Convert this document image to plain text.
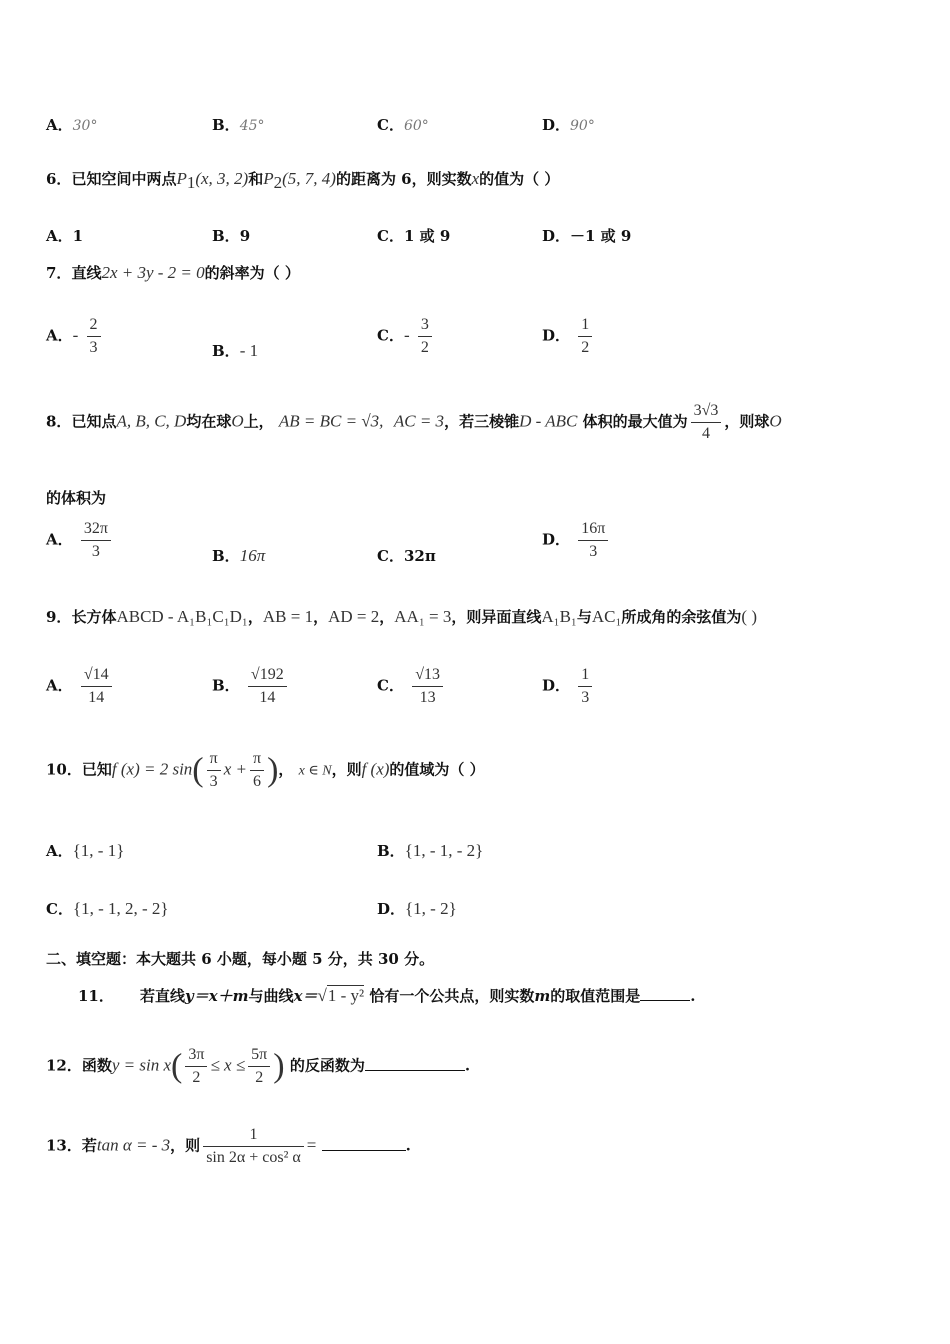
A．30°	B．45°	C．60°	D．90°
6．已知空间中两点$P_1(x$, 3, 2)和$P_2(5$, 7, 4)的距离为 6，则实数x的值为（ ）
A．1	B．9	C．1 或 9	D．－1 或 9
7．直线2x + 3y - 2 = 0的斜率为（ ）
A．- $\frac{2}{3}$	B．- 1
C．- $\frac{3}{2}$	D． $\frac{1}{2}$
8．已知点A, B, C, D均在球O上， AB = BC = √3, AC = 3，若三棱锥D - ABC 体积的最大值为 $\frac{3√3}{4}$ ，则球O
的体积为
A． $\frac{32\pi}{3}$	B．16π	C．32π
D． $\frac{16\pi}{3}$
9．长方体ABCD - A₁B₁C₁D₁，AB = 1，AD = 2，AA₁ = 3，则异面直线A₁B₁与AC₁所成角的余弦值为( )
A． $\frac{√14}{14}$	B． $\frac{√192}{14}$	C． $\frac{√13}{13}$	D． $\frac{1}{3}$
10．已知f (x) = 2 $\sin( \frac{\pi}{3}$ $x + \frac{\pi}{6}$ )， x ∈ N，则f (x)的值域为（ ）
A．{1, - 1}	B．{1, - 1, - 2}
C．{1, - 1, 2, - 2}	D．{1, - 2}
二、填空题：本大题共 6 小题，每小题 5 分，共 30 分。
11． 若直线y＝x＋m与曲线x＝√1 - y² 恰有一个公共点，则实数m的取值范围是	.
12．函数$y = \sin x( \frac{3\pi}{2} \le x \le \frac{5\pi}{2}$ ) 的反函数为	.
13．若tan α = - 3，则 $\frac{1}{\text{sin 2α + cos² α}}$ =	.
